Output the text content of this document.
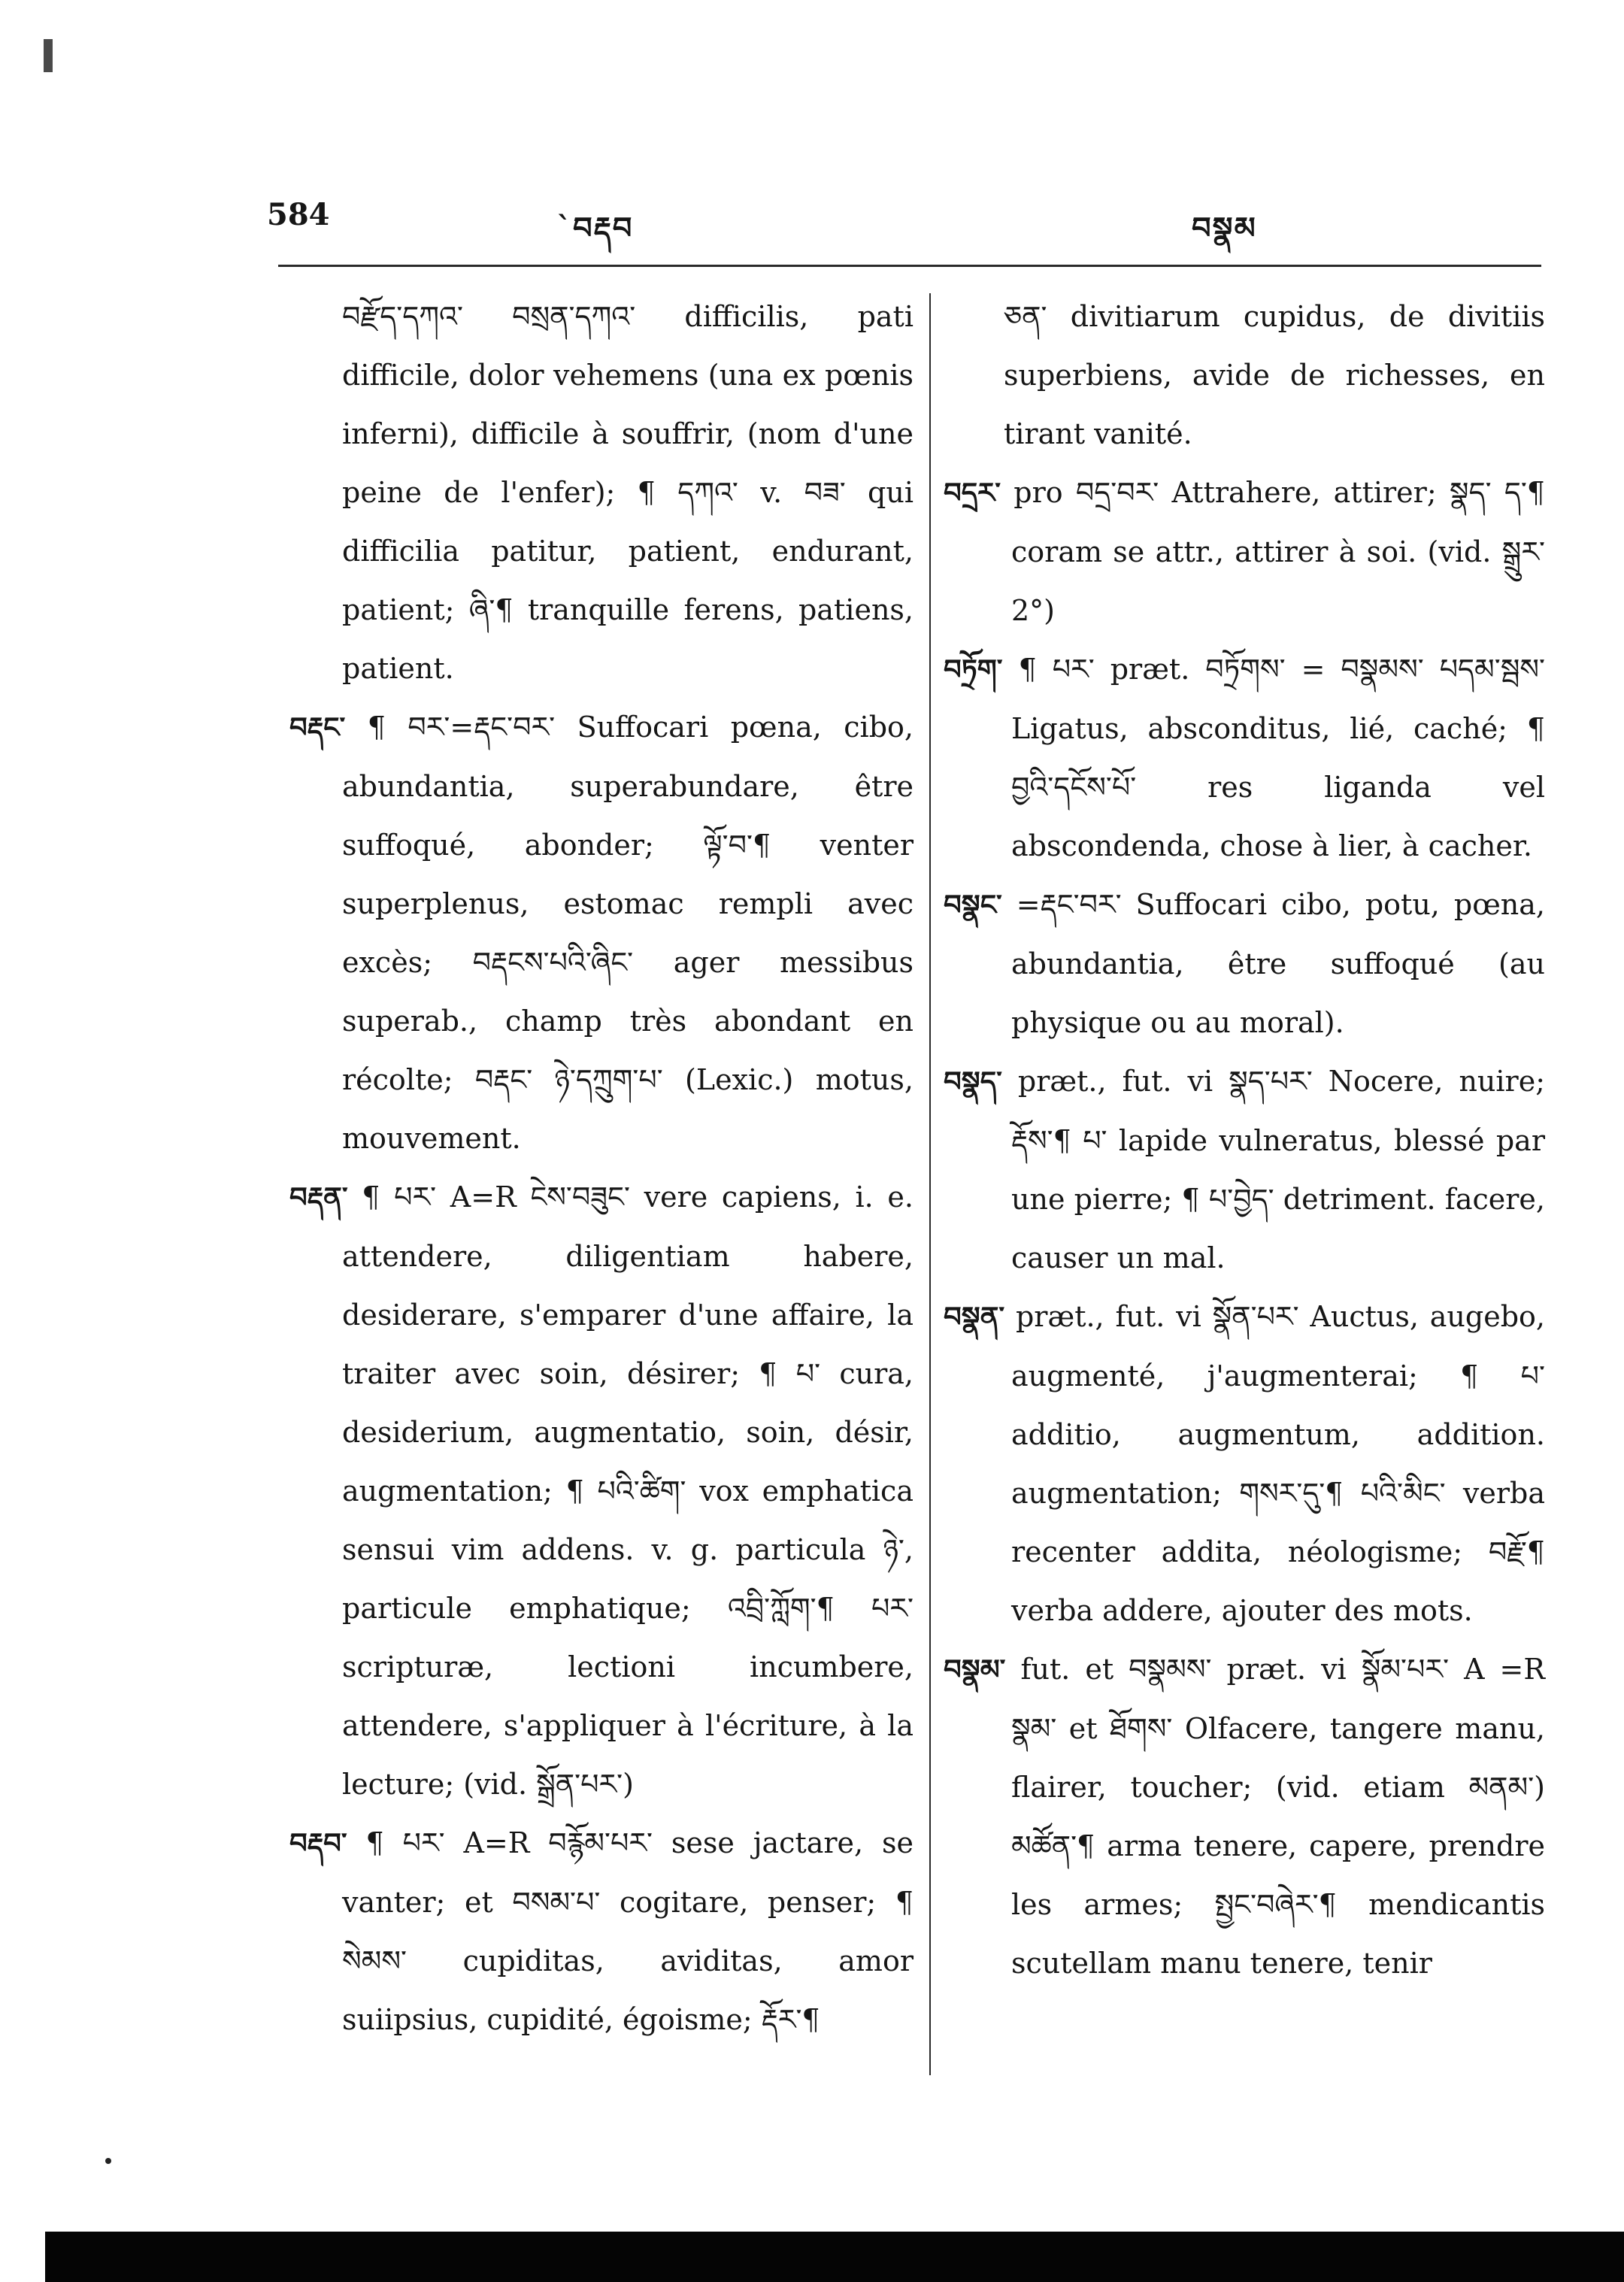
584	`བརྡབ	བསྣམ

བརྫོད་དཀའ་ བསྲན་དཀའ་ difficilis, pati difficile, dolor vehemens (una ex pœnis inferni), difficile à souffrir, (nom d'une peine de l'enfer); ¶ དཀའ་ v. བཟ་ qui difficilia patitur, patient, endurant, patient; ཞི་¶ tranquille ferens, patiens, patient.

བརྡང་ ¶ བར་=རྡང་བར་ Suffocari pœna, cibo, abundantia, superabundare, être suffoqué, abonder; ལྟོ་བ་¶ venter superplenus, estomac rempli avec excès; བརྡངས་པའི་ཞིང་ ager messibus superab., champ très abondant en récolte; བརྡང་ ཉེ་དཀྲུག་པ་ (Lexic.) motus, mouvement.

བརྡན་ ¶ པར་ A=R ངེས་བཟུང་ vere capiens, i. e. attendere, diligentiam habere, desiderare, s'emparer d'une affaire, la traiter avec soin, désirer; ¶ པ་ cura, desiderium, augmentatio, soin, désir, augmentation; ¶ པའི་ཚིག་ vox emphatica sensui vim addens. v. g. particula ཉེ་, particule emphatique; འབྲི་ཀློག་¶ པར་ scripturæ, lectioni incumbere, attendere, s'appliquer à l'écriture, à la lecture; (vid. སྒྲོན་པར་)

བརྡབ་ ¶ པར་ A=R བརྙོམ་པར་ sese jactare, se vanter; et བསམ་པ་ cogitare, penser; ¶ སེམས་ cupiditas, aviditas, amor suiipsius, cupidité, égoisme; རྡོར་¶

ཅན་ divitiarum cupidus, de divitiis superbiens, avide de richesses, en tirant vanité.

བདྲར་ pro བདྲ་བར་ Attrahere, attirer; སྣད་ ད་¶ coram se attr., attirer à soi. (vid. སྒྲུར་ 2°)

བཏྲོག་ ¶ པར་ præt. བཏྲོགས་ = བསྣམས་ པདམ་སྦས་ Ligatus, absconditus, lié, caché; ¶ བྱའི་དངོས་པོ་ res liganda vel abscondenda, chose à lier, à cacher.

བསྣང་ =རྡང་བར་ Suffocari cibo, potu, pœna, abundantia, être suffoqué (au physique ou au moral).

བསྣད་ præt., fut. vi སྣད་པར་ Nocere, nuire; རྡོས་¶ པ་ lapide vulneratus, blessé par une pierre; ¶ པ་བྱེད་ detriment. facere, causer un mal.

བསྣན་ præt., fut. vi སྣོན་པར་ Auctus, augebo, augmenté, j'augmenterai; ¶ པ་ additio, augmentum, addition. augmentation; གསར་དུ་¶ པའི་མིང་ verba recenter addita, néologisme; བརྗོ་¶ verba addere, ajouter des mots.

བསྣམ་ fut. et བསྣམས་ præt. vi སྣོམ་པར་ A =R སྣམ་ et ཐོགས་ Olfacere, tangere manu, flairer, toucher; (vid. etiam མནམ་) མཚོན་¶ arma tenere, capere, prendre les armes; སྤྱང་བཞེར་¶ mendicantis scutellam manu tenere, tenir
